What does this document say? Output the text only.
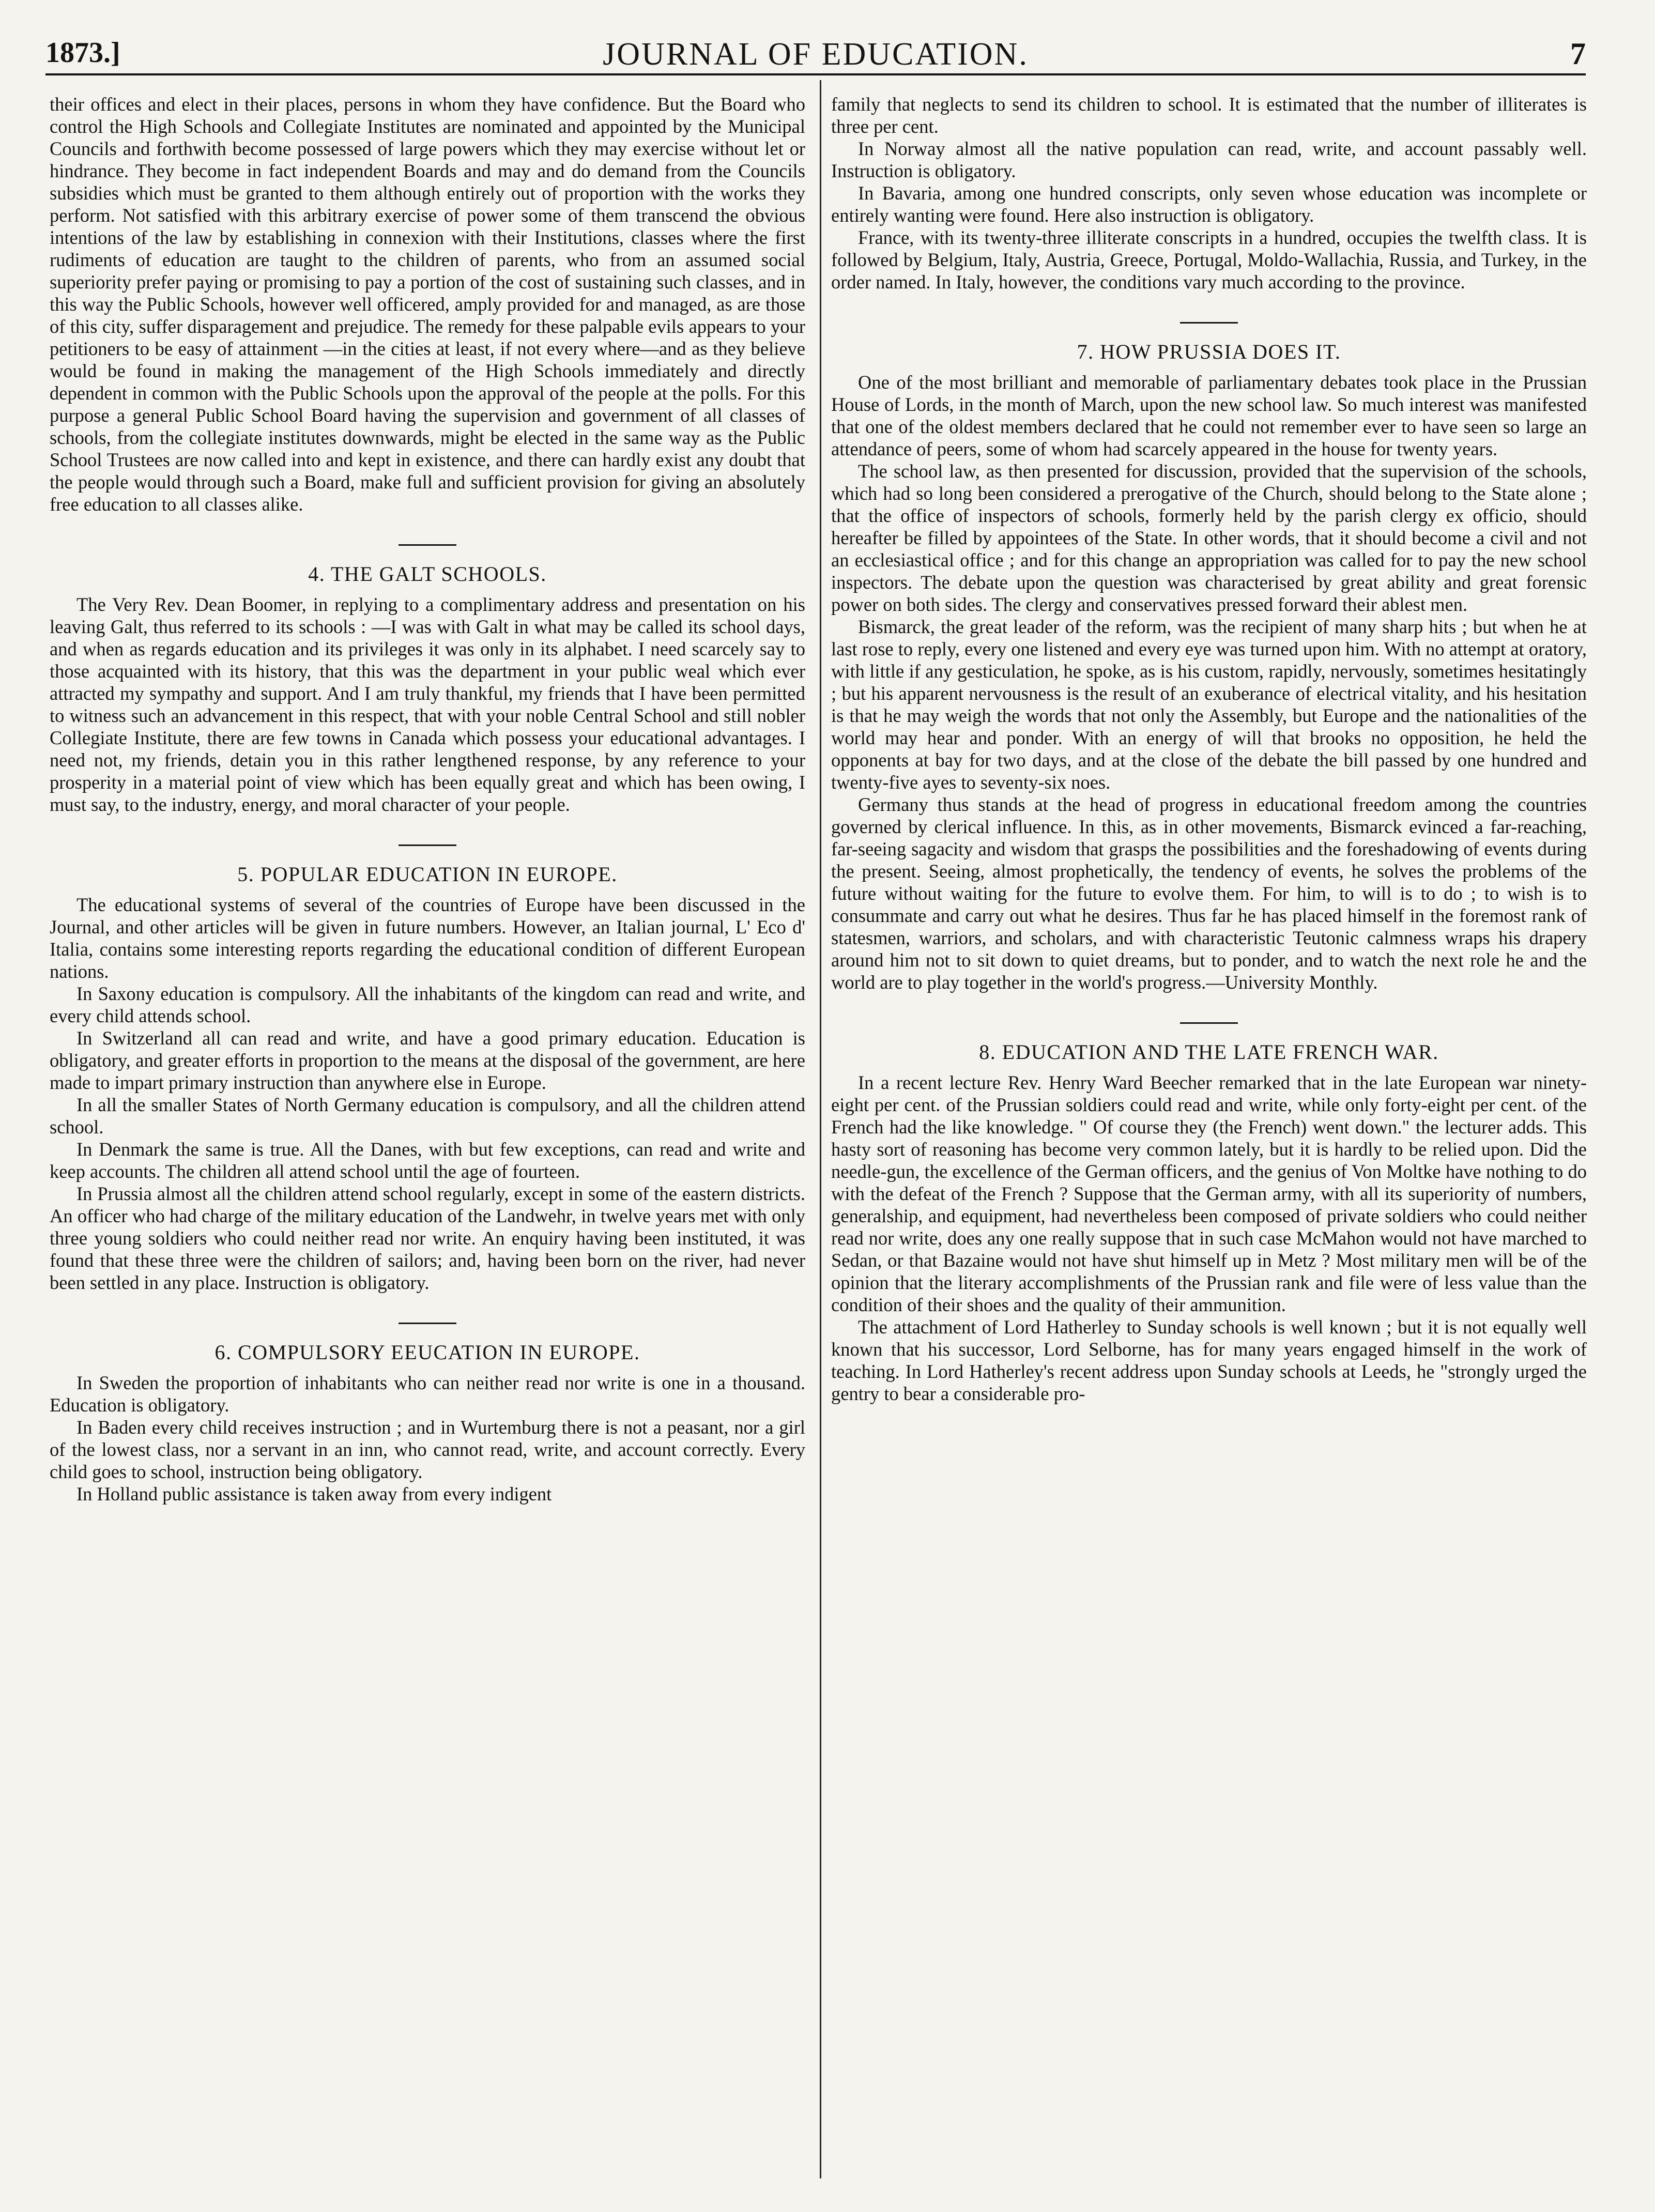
1873.]	JOURNAL OF EDUCATION.	7

their offices and elect in their places, persons in whom they have confidence. But the Board who control the High Schools and Collegiate Institutes are nominated and appointed by the Municipal Councils and forthwith become possessed of large powers which they may exercise without let or hindrance. They become in fact independent Boards and may and do demand from the Councils subsidies which must be granted to them although entirely out of proportion with the works they perform. Not satisfied with this arbitrary exercise of power some of them transcend the obvious intentions of the law by establishing in connexion with their Institutions, classes where the first rudiments of education are taught to the children of parents, who from an assumed social superiority prefer paying or promising to pay a portion of the cost of sustaining such classes, and in this way the Public Schools, however well officered, amply provided for and managed, as are those of this city, suffer disparagement and prejudice. The remedy for these palpable evils appears to your petitioners to be easy of attainment —in the cities at least, if not every where—and as they believe would be found in making the management of the High Schools immediately and directly dependent in common with the Public Schools upon the approval of the people at the polls. For this purpose a general Public School Board having the supervision and government of all classes of schools, from the collegiate institutes downwards, might be elected in the same way as the Public School Trustees are now called into and kept in existence, and there can hardly exist any doubt that the people would through such a Board, make full and sufficient provision for giving an absolutely free education to all classes alike.

4. THE GALT SCHOOLS.

The Very Rev. Dean Boomer, in replying to a complimentary address and presentation on his leaving Galt, thus referred to its schools : —I was with Galt in what may be called its school days, and when as regards education and its privileges it was only in its alphabet. I need scarcely say to those acquainted with its history, that this was the department in your public weal which ever attracted my sympathy and support. And I am truly thankful, my friends that I have been permitted to witness such an advancement in this respect, that with your noble Central School and still nobler Collegiate Institute, there are few towns in Canada which possess your educational advantages. I need not, my friends, detain you in this rather lengthened response, by any reference to your prosperity in a material point of view which has been equally great and which has been owing, I must say, to the industry, energy, and moral character of your people.

5. POPULAR EDUCATION IN EUROPE.

The educational systems of several of the countries of Europe have been discussed in the Journal, and other articles will be given in future numbers. However, an Italian journal, L' Eco d' Italia, contains some interesting reports regarding the educational condition of different European nations.

In Saxony education is compulsory. All the inhabitants of the kingdom can read and write, and every child attends school.

In Switzerland all can read and write, and have a good primary education. Education is obligatory, and greater efforts in proportion to the means at the disposal of the government, are here made to impart primary instruction than anywhere else in Europe.

In all the smaller States of North Germany education is compulsory, and all the children attend school.

In Denmark the same is true. All the Danes, with but few exceptions, can read and write and keep accounts. The children all attend school until the age of fourteen.

In Prussia almost all the children attend school regularly, except in some of the eastern districts. An officer who had charge of the military education of the Landwehr, in twelve years met with only three young soldiers who could neither read nor write. An enquiry having been instituted, it was found that these three were the children of sailors; and, having been born on the river, had never been settled in any place. Instruction is obligatory.

6. COMPULSORY EEUCATION IN EUROPE.

In Sweden the proportion of inhabitants who can neither read nor write is one in a thousand. Education is obligatory.

In Baden every child receives instruction ; and in Wurtemburg there is not a peasant, nor a girl of the lowest class, nor a servant in an inn, who cannot read, write, and account correctly. Every child goes to school, instruction being obligatory.

In Holland public assistance is taken away from every indigent

family that neglects to send its children to school. It is estimated that the number of illiterates is three per cent.

In Norway almost all the native population can read, write, and account passably well. Instruction is obligatory.

In Bavaria, among one hundred conscripts, only seven whose education was incomplete or entirely wanting were found. Here also instruction is obligatory.

France, with its twenty-three illiterate conscripts in a hundred, occupies the twelfth class. It is followed by Belgium, Italy, Austria, Greece, Portugal, Moldo-Wallachia, Russia, and Turkey, in the order named. In Italy, however, the conditions vary much according to the province.

7. HOW PRUSSIA DOES IT.

One of the most brilliant and memorable of parliamentary debates took place in the Prussian House of Lords, in the month of March, upon the new school law. So much interest was manifested that one of the oldest members declared that he could not remember ever to have seen so large an attendance of peers, some of whom had scarcely appeared in the house for twenty years.

The school law, as then presented for discussion, provided that the supervision of the schools, which had so long been considered a prerogative of the Church, should belong to the State alone ; that the office of inspectors of schools, formerly held by the parish clergy ex officio, should hereafter be filled by appointees of the State. In other words, that it should become a civil and not an ecclesiastical office ; and for this change an appropriation was called for to pay the new school inspectors. The debate upon the question was characterised by great ability and great forensic power on both sides. The clergy and conservatives pressed forward their ablest men.

Bismarck, the great leader of the reform, was the recipient of many sharp hits ; but when he at last rose to reply, every one listened and every eye was turned upon him. With no attempt at oratory, with little if any gesticulation, he spoke, as is his custom, rapidly, nervously, sometimes hesitatingly ; but his apparent nervousness is the result of an exuberance of electrical vitality, and his hesitation is that he may weigh the words that not only the Assembly, but Europe and the nationalities of the world may hear and ponder. With an energy of will that brooks no opposition, he held the opponents at bay for two days, and at the close of the debate the bill passed by one hundred and twenty-five ayes to seventy-six noes.

Germany thus stands at the head of progress in educational freedom among the countries governed by clerical influence. In this, as in other movements, Bismarck evinced a far-reaching, far-seeing sagacity and wisdom that grasps the possibilities and the foreshadowing of events during the present. Seeing, almost prophetically, the tendency of events, he solves the problems of the future without waiting for the future to evolve them. For him, to will is to do ; to wish is to consummate and carry out what he desires. Thus far he has placed himself in the foremost rank of statesmen, warriors, and scholars, and with characteristic Teutonic calmness wraps his drapery around him not to sit down to quiet dreams, but to ponder, and to watch the next role he and the world are to play together in the world's progress.—University Monthly.

8. EDUCATION AND THE LATE FRENCH WAR.

In a recent lecture Rev. Henry Ward Beecher remarked that in the late European war ninety-eight per cent. of the Prussian soldiers could read and write, while only forty-eight per cent. of the French had the like knowledge. " Of course they (the French) went down." the lecturer adds. This hasty sort of reasoning has become very common lately, but it is hardly to be relied upon. Did the needle-gun, the excellence of the German officers, and the genius of Von Moltke have nothing to do with the defeat of the French ? Suppose that the German army, with all its superiority of numbers, generalship, and equipment, had nevertheless been composed of private soldiers who could neither read nor write, does any one really suppose that in such case McMahon would not have marched to Sedan, or that Bazaine would not have shut himself up in Metz ? Most military men will be of the opinion that the literary accomplishments of the Prussian rank and file were of less value than the condition of their shoes and the quality of their ammunition.

The attachment of Lord Hatherley to Sunday schools is well known ; but it is not equally well known that his successor, Lord Selborne, has for many years engaged himself in the work of teaching. In Lord Hatherley's recent address upon Sunday schools at Leeds, he "strongly urged the gentry to bear a considerable pro-
